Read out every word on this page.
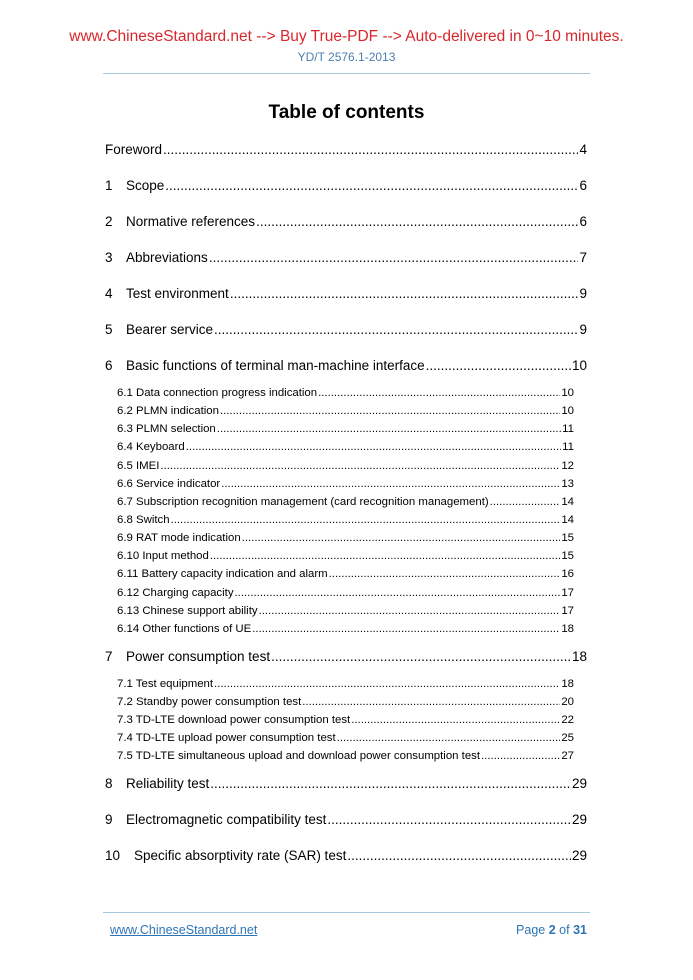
www.ChineseStandard.net --> Buy True-PDF --> Auto-delivered in 0~10 minutes.
YD/T 2576.1-2013
Table of contents
Foreword .....	4
1 Scope .....	6
2 Normative references .....	6
3 Abbreviations .....	7
4 Test environment .....	9
5 Bearer service .....	9
6 Basic functions of terminal man-machine interface .....	10
6.1 Data connection progress indication .....	10
6.2 PLMN indication .....	10
6.3 PLMN selection .....	11
6.4 Keyboard .....	11
6.5 IMEI .....	12
6.6 Service indicator .....	13
6.7 Subscription recognition management (card recognition management) .....	14
6.8 Switch .....	14
6.9 RAT mode indication .....	15
6.10 Input method .....	15
6.11 Battery capacity indication and alarm .....	16
6.12 Charging capacity .....	17
6.13 Chinese support ability .....	17
6.14 Other functions of UE .....	18
7 Power consumption test .....	18
7.1 Test equipment .....	18
7.2 Standby power consumption test .....	20
7.3 TD-LTE download power consumption test .....	22
7.4 TD-LTE upload power consumption test .....	25
7.5 TD-LTE simultaneous upload and download power consumption test .....	27
8 Reliability test .....	29
9 Electromagnetic compatibility test .....	29
10	Specific absorptivity rate (SAR) test .....	29
www.ChineseStandard.net	Page 2 of 31
